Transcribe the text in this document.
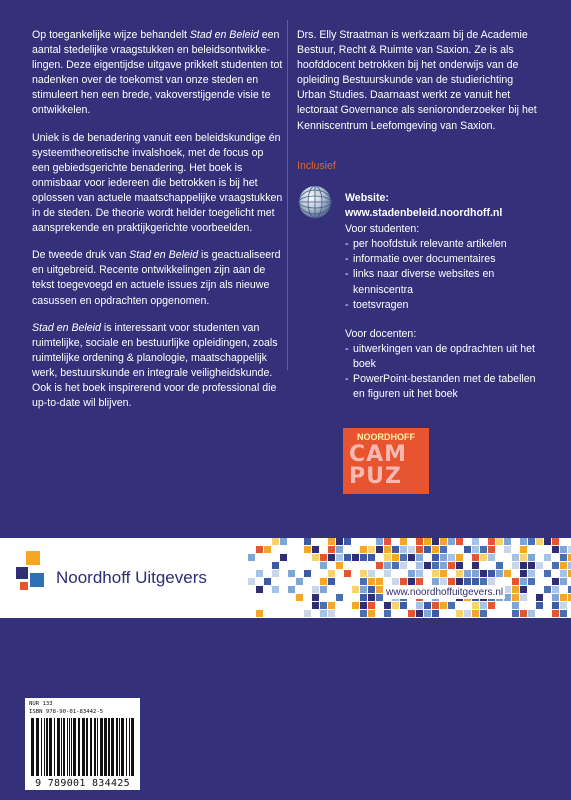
Op toegankelijke wijze behandelt Stad en Beleid een aantal stedelijke vraagstukken en beleidsontwikke-lingen. Deze eigentijdse uitgave prikkelt studenten tot nadenken over de toekomst van onze steden en stimuleert hen een brede, vakoverstijgende visie te ontwikkelen.

Uniek is de benadering vanuit een beleidskundige én systeemtheoretische invalshoek, met de focus op een gebiedsgerichte benadering. Het boek is onmisbaar voor iedereen die betrokken is bij het oplossen van actuele maatschappelijke vraagstukken in de steden. De theorie wordt helder toegelicht met aansprekende en praktijkgerichte voorbeelden.

De tweede druk van Stad en Beleid is geactualiseerd en uitgebreid. Recente ontwikkelingen zijn aan de tekst toegevoegd en actuele issues zijn als nieuwe casussen en opdrachten opgenomen.

Stad en Beleid is interessant voor studenten van ruimtelijke, sociale en bestuurlijke opleidingen, zoals ruimtelijke ordening & planologie, maatschappelijk werk, bestuurskunde en integrale veiligheidskunde. Ook is het boek inspirerend voor de professional die up-to-date wil blijven.

Drs. Elly Straatman is werkzaam bij de Academie Bestuur, Recht & Ruimte van Saxion. Ze is als hoofddocent betrokken bij het onderwijs van de opleiding Bestuurskunde van de studierichting Urban Studies. Daarnaast werkt ze vanuit het lectoraat Governance als senioronderzoeker bij het Kenniscentrum Leefomgeving van Saxion.

Inclusief
Website:
www.stadenbeleid.noordhoff.nl
Voor studenten:
- per hoofdstuk relevante artikelen
- informatie over documentaires
- links naar diverse websites en kenniscentra
- toetsvragen
Voor docenten:
- uitwerkingen van de opdrachten uit het boek
- PowerPoint-bestanden met de tabellen en figuren uit het boek
NOORDHOFF
CAM
PUZ
Noordhoff Uitgevers
www.noordhoffuitgevers.nl
NUR 133
ISBN 978-90-01-83442-5
9 789001 834425
